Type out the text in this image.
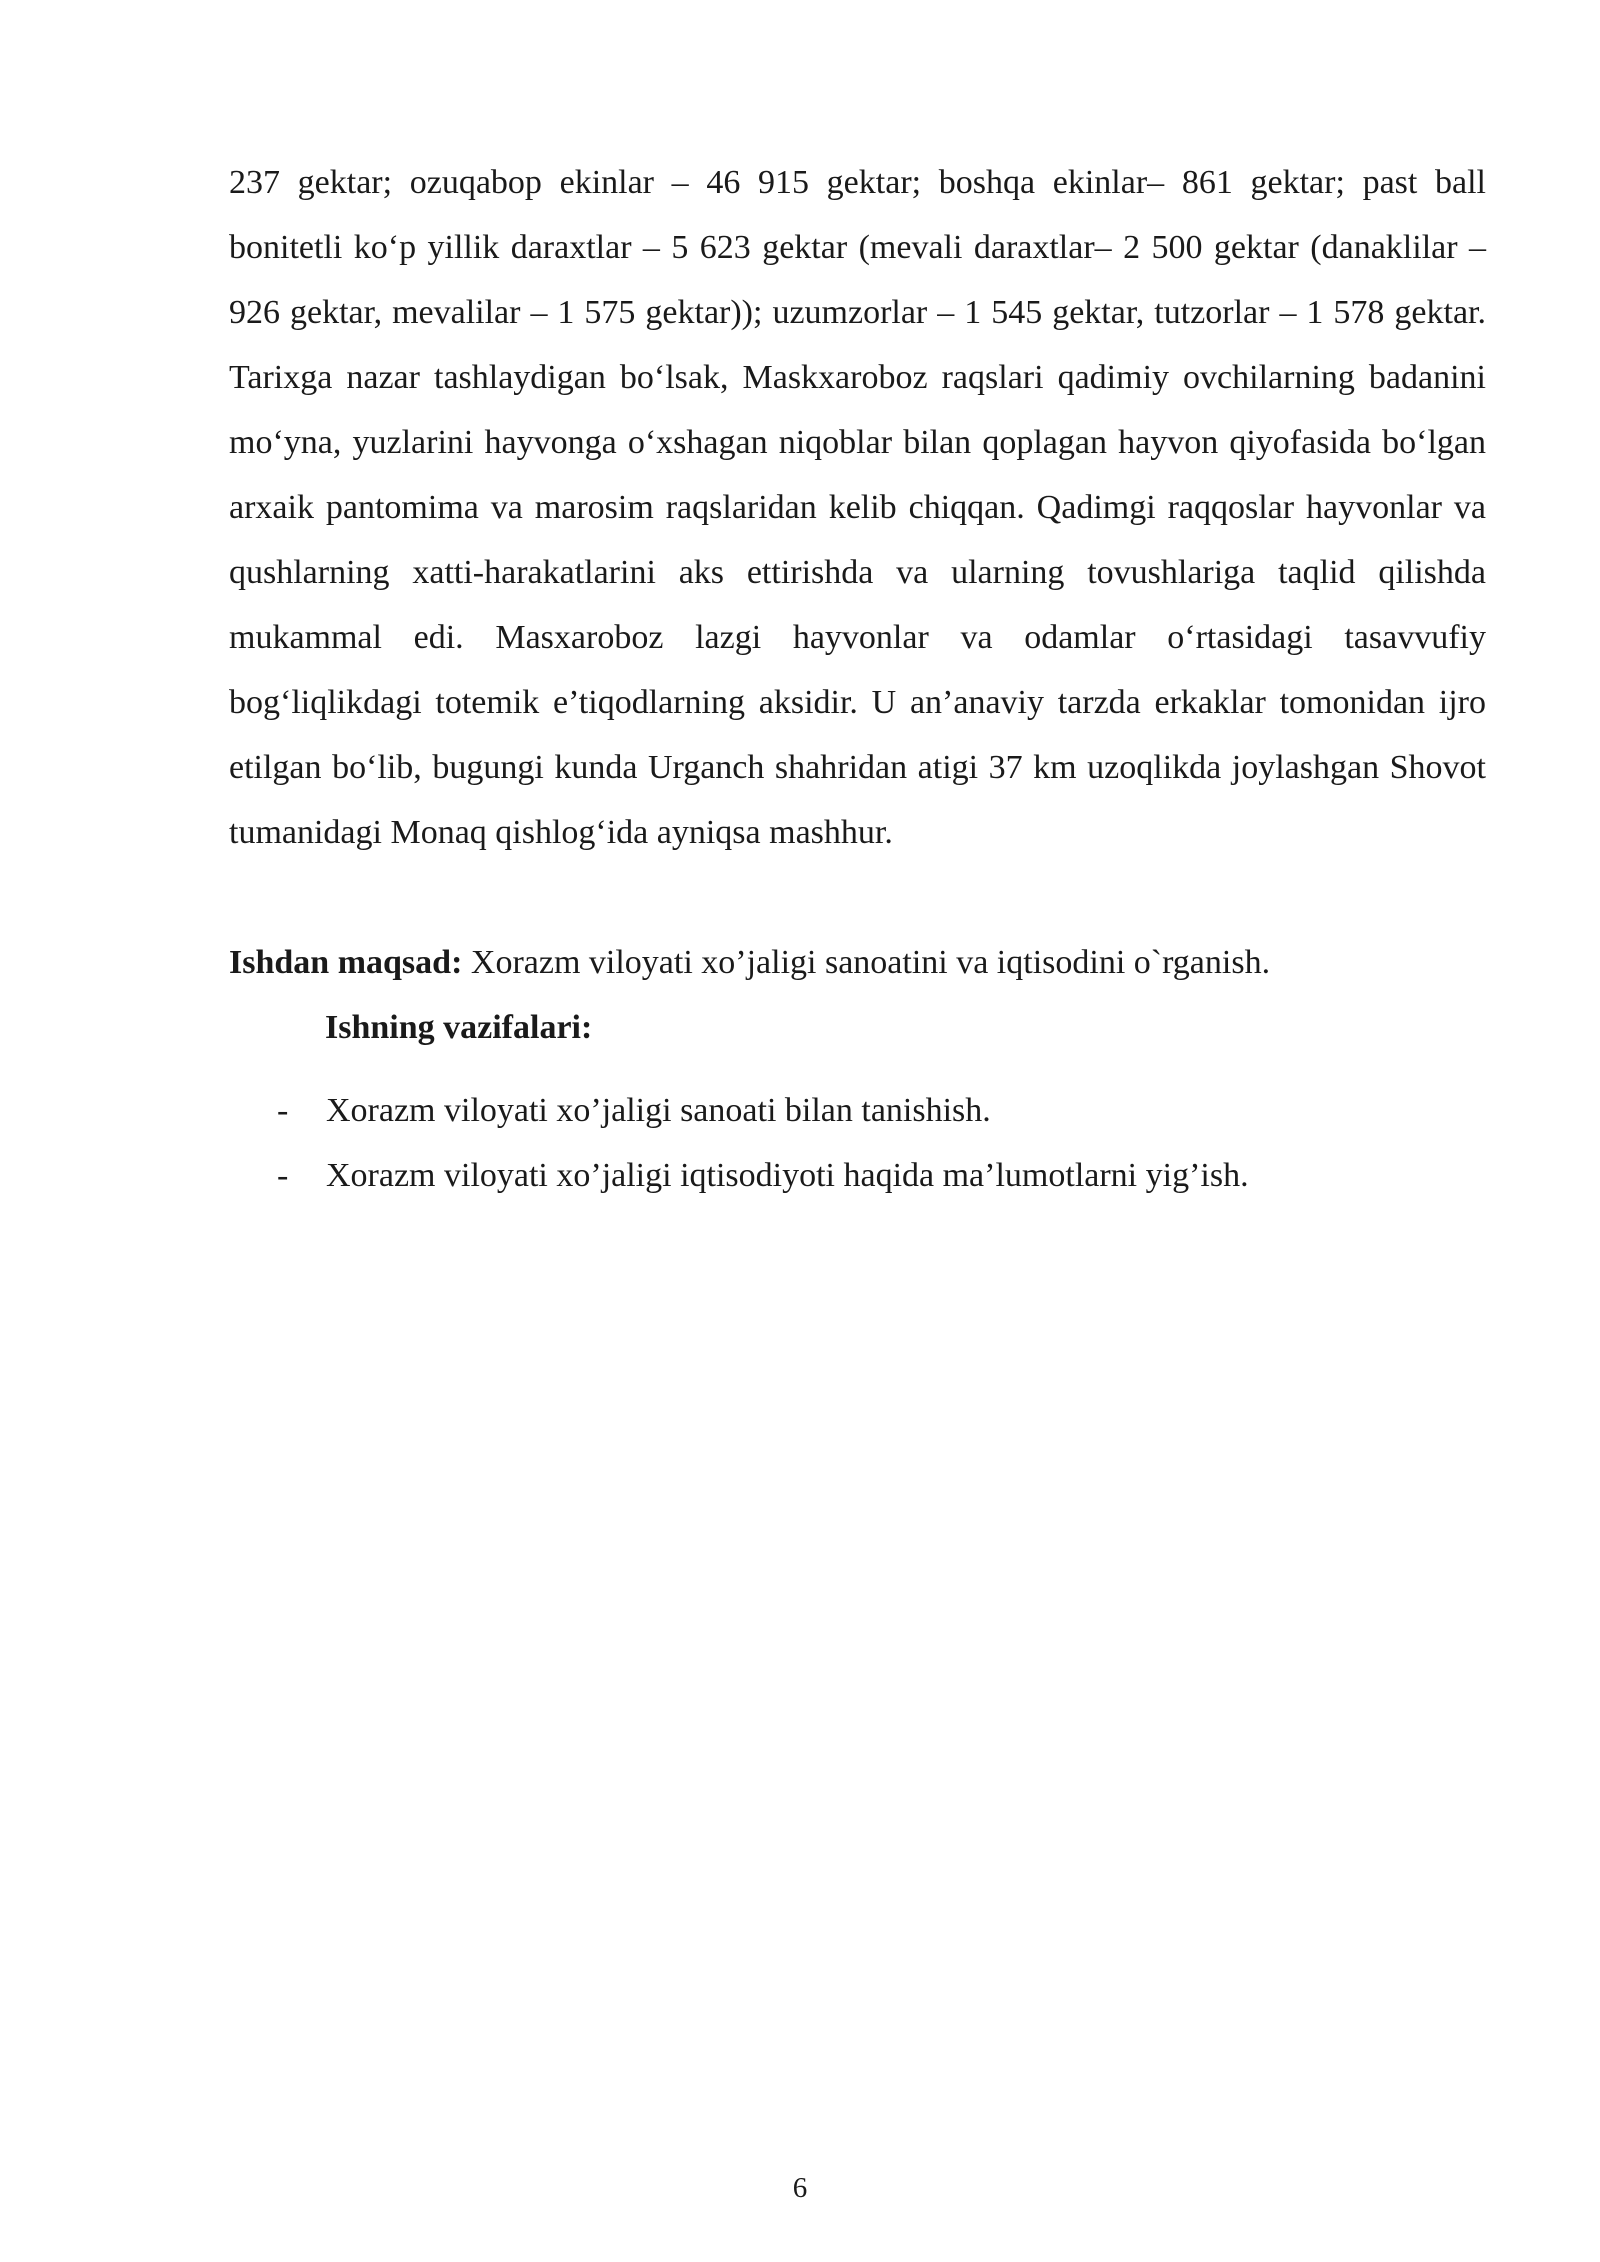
237 gektar; ozuqabop ekinlar – 46 915 gektar; boshqa ekinlar– 861 gektar; past ball bonitetli ko‘p yillik daraxtlar – 5 623 gektar (mevali daraxtlar– 2 500 gektar (danaklilar – 926 gektar, mevalilar – 1 575 gektar)); uzumzorlar – 1 545 gektar, tutzorlar – 1 578 gektar. Tarixga nazar tashlaydigan bo‘lsak, Maskxaroboz raqslari qadimiy ovchilarning badanini mo‘yna, yuzlarini hayvonga o‘xshagan niqoblar bilan qoplagan hayvon qiyofasida bo‘lgan arxaik pantomima va marosim raqslaridan kelib chiqqan. Qadimgi raqqoslar hayvonlar va qushlarning xatti-harakatlarini aks ettirishda va ularning tovushlariga taqlid qilishda mukammal edi. Masxaroboz lazgi hayvonlar va odamlar o‘rtasidagi tasavvufiy bog‘liqlikdagi totemik e’tiqodlarning aksidir. U an’anaviy tarzda erkaklar tomonidan ijro etilgan bo‘lib, bugungi kunda Urganch shahridan atigi 37 km uzoqlikda joylashgan Shovot tumanidagi Monaq qishlog‘ida ayniqsa mashhur.

Ishdan maqsad: Xorazm viloyati xo’jaligi sanoatini va iqtisodini o`rganish.

Ishning vazifalari:

- Xorazm viloyati xo’jaligi sanoati bilan tanishish.
- Xorazm viloyati xo’jaligi iqtisodiyoti haqida ma’lumotlarni yig’ish.
6
